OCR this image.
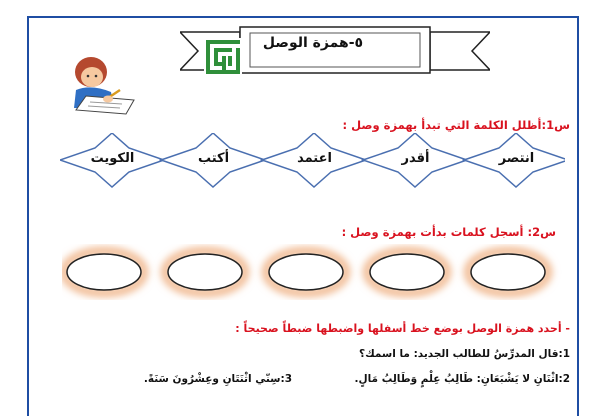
٥-همزة الوصل
س1:أظلل الكلمة التي تبدأ بهمزة وصل :
الكويت	أكتب	اعتمد	أقدر	انتصر
س2: أسجل كلمات بدأت بهمزة وصل :
- أحدد همزة الوصل بوضع خط أسفلها واضبطها ضبطاً صحيحاً :
1:قال المدرِّسُ للطالب الجديد: ما اسمك؟
2:اثْنَانِ لا يَشْبَعَانِ: طَالِبُ عِلْمٍ وَطَالِبُ مَالٍ.
3:سِنّي اثْنَتَانِ وعِشْرُونَ سَنَةً.
